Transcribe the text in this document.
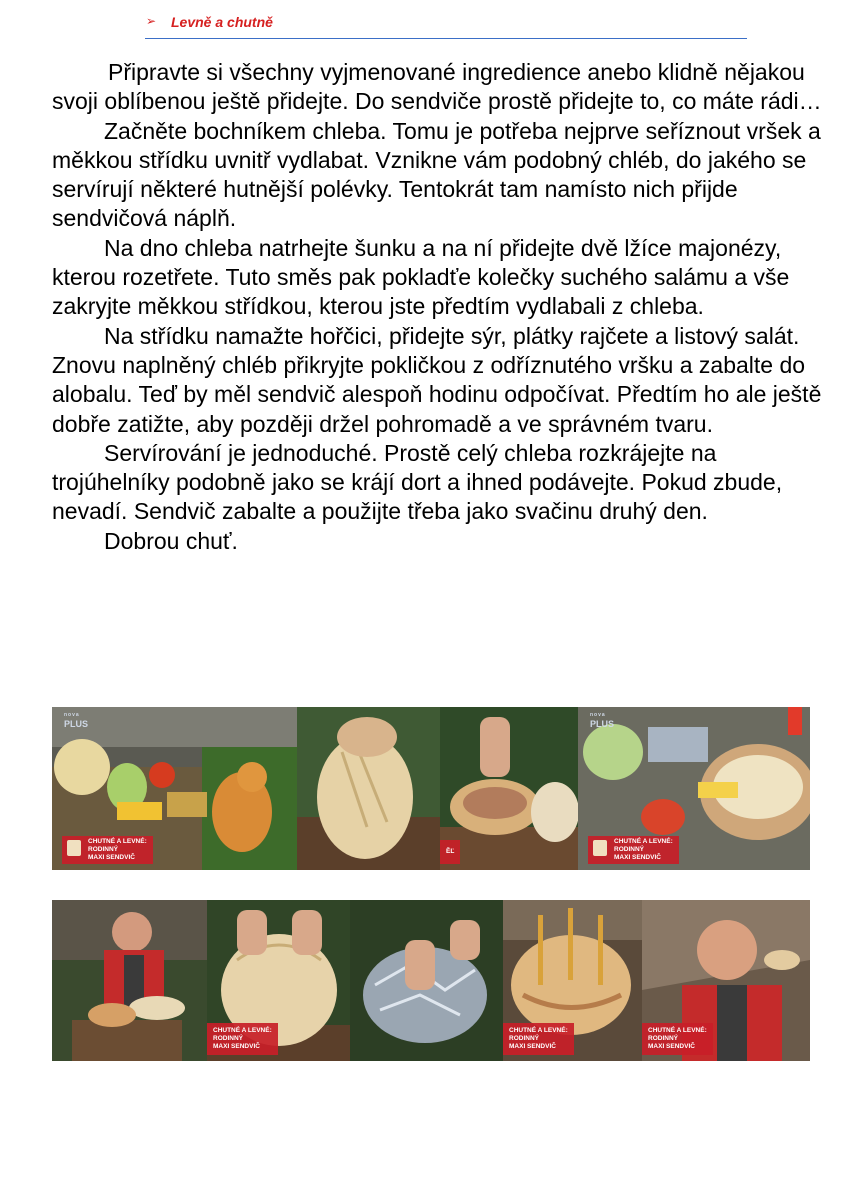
➢ Levně a chutně

Připravte si všechny vyjmenované ingredience anebo klidně nějakou svoji oblíbenou ještě přidejte. Do sendviče prostě přidejte to, co máte rádi…

Začněte bochníkem chleba. Tomu je potřeba nejprve seříznout vršek a měkkou střídku uvnitř vydlabat. Vznikne vám podobný chléb, do jakého se servírují některé hutnější polévky. Tentokrát tam namísto nich přijde sendvičová náplň.

Na dno chleba natrhejte šunku a na ní přidejte dvě lžíce majonézy, kterou rozetřete. Tuto směs pak pokladťe kolečky suchého salámu a vše zakryjte měkkou střídkou, kterou jste předtím vydlabali z chleba.

Na střídku namažte hořčici, přidejte sýr, plátky rajčete a listový salát. Znovu naplněný chléb přikryjte pokličkou z odříznutého vršku a zabalte do alobalu. Teď by měl sendvič alespoň hodinu odpočívat. Předtím ho ale ještě dobře zatižte, aby později držel pohromadě a ve správném tvaru.

Servírování je jednoduché. Prostě celý chleba rozkrájejte na trojúhelníky podobně jako se krájí dort a ihned podávejte. Pokud zbude, nevadí. Sendvič zabalte a použijte třeba jako svačinu druhý den.

Dobrou chuť.

nova
PLUS
CHUTNÉ A LEVNÉ:
RODINNÝ
MAXI SENDVIČ
ĚĽ
nova
PLUS
CHUTNÉ A LEVNÉ:
RODINNÝ
MAXI SENDVIČ
CHUTNÉ A LEVNÉ:
RODINNÝ
MAXI SENDVIČ
CHUTNÉ A LEVNÉ:
RODINNÝ
MAXI SENDVIČ
CHUTNÉ A LEVNÉ:
RODINNÝ
MAXI SENDVIČ
